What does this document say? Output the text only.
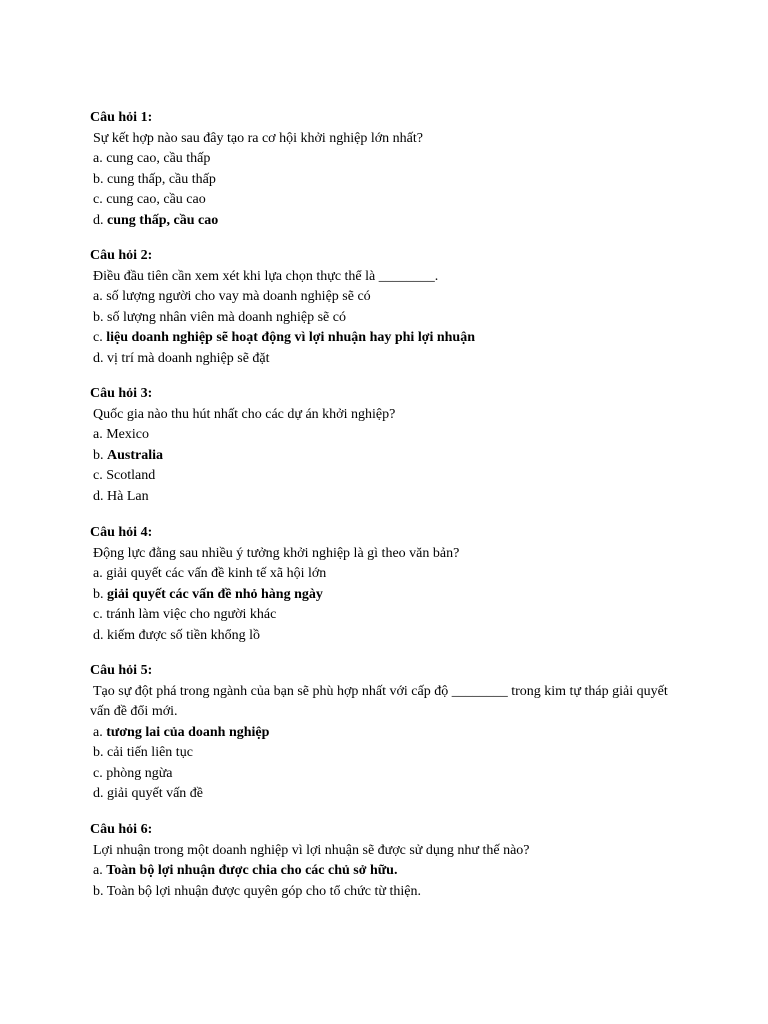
Câu hỏi 1:
Sự kết hợp nào sau đây tạo ra cơ hội khởi nghiệp lớn nhất?
a. cung cao, cầu thấp
b. cung thấp, cầu thấp
c. cung cao, cầu cao
d. cung thấp, cầu cao
Câu hỏi 2:
Điều đầu tiên cần xem xét khi lựa chọn thực thể là ________.
a. số lượng người cho vay mà doanh nghiệp sẽ có
b. số lượng nhân viên mà doanh nghiệp sẽ có
c. liệu doanh nghiệp sẽ hoạt động vì lợi nhuận hay phi lợi nhuận
d. vị trí mà doanh nghiệp sẽ đặt
Câu hỏi 3:
Quốc gia nào thu hút nhất cho các dự án khởi nghiệp?
a. Mexico
b. Australia
c. Scotland
d. Hà Lan
Câu hỏi 4:
Động lực đằng sau nhiều ý tưởng khởi nghiệp là gì theo văn bản?
a. giải quyết các vấn đề kinh tế xã hội lớn
b. giải quyết các vấn đề nhỏ hàng ngày
c. tránh làm việc cho người khác
d. kiếm được số tiền khổng lồ
Câu hỏi 5:
Tạo sự đột phá trong ngành của bạn sẽ phù hợp nhất với cấp độ ________ trong kim tự tháp giải quyết vấn đề đổi mới.
a. tương lai của doanh nghiệp
b. cải tiến liên tục
c. phòng ngừa
d. giải quyết vấn đề
Câu hỏi 6:
Lợi nhuận trong một doanh nghiệp vì lợi nhuận sẽ được sử dụng như thế nào?
a. Toàn bộ lợi nhuận được chia cho các chủ sở hữu.
b. Toàn bộ lợi nhuận được quyên góp cho tổ chức từ thiện.
